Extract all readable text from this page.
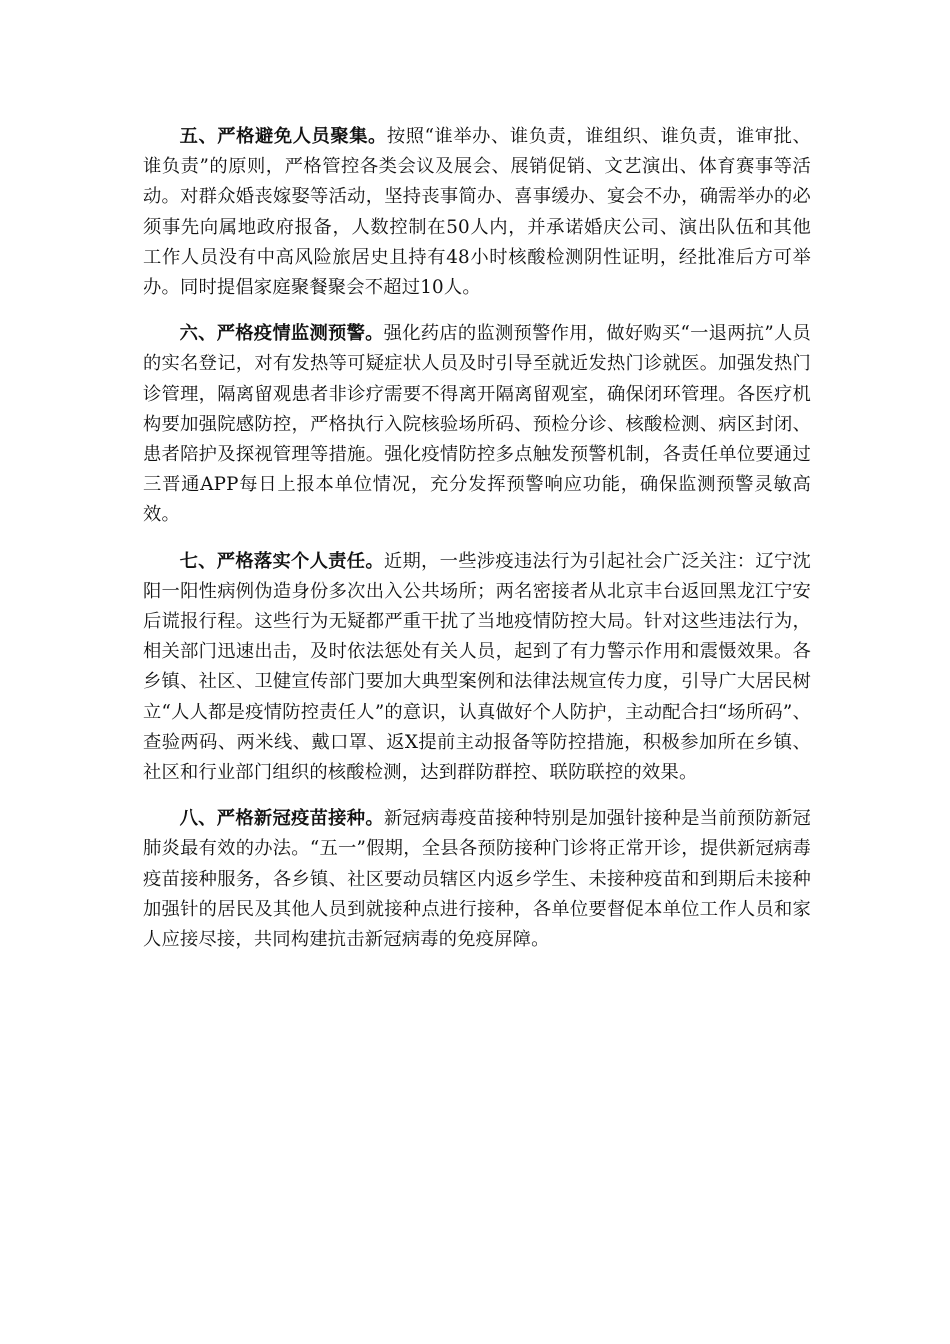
五、严格避免人员聚集。按照“谁举办、谁负责，谁组织、谁负责，谁审批、谁负责”的原则，严格管控各类会议及展会、展销促销、文艺演出、体育赛事等活动。对群众婚丧嫁娶等活动，坚持丧事简办、喜事缓办、宴会不办，确需举办的必须事先向属地政府报备，人数控制在50人内，并承诺婚庆公司、演出队伍和其他工作人员没有中高风险旅居史且持有48小时核酸检测阴性证明，经批准后方可举办。同时提倡家庭聚餐聚会不超过10人。

六、严格疫情监测预警。强化药店的监测预警作用，做好购买“一退两抗”人员的实名登记，对有发热等可疑症状人员及时引导至就近发热门诊就医。加强发热门诊管理，隔离留观患者非诊疗需要不得离开隔离留观室，确保闭环管理。各医疗机构要加强院感防控，严格执行入院核验场所码、预检分诊、核酸检测、病区封闭、患者陪护及探视管理等措施。强化疫情防控多点触发预警机制，各责任单位要通过三晋通APP每日上报本单位情况，充分发挥预警响应功能，确保监测预警灵敏高效。

七、严格落实个人责任。近期，一些涉疫违法行为引起社会广泛关注：辽宁沈阳一阳性病例伪造身份多次出入公共场所；两名密接者从北京丰台返回黑龙江宁安后谎报行程。这些行为无疑都严重干扰了当地疫情防控大局。针对这些违法行为，相关部门迅速出击，及时依法惩处有关人员，起到了有力警示作用和震慑效果。各乡镇、社区、卫健宣传部门要加大典型案例和法律法规宣传力度，引导广大居民树立“人人都是疫情防控责任人”的意识，认真做好个人防护，主动配合扫“场所码”、查验两码、两米线、戴口罩、返X提前主动报备等防控措施，积极参加所在乡镇、社区和行业部门组织的核酸检测，达到群防群控、联防联控的效果。

八、严格新冠疫苗接种。新冠病毒疫苗接种特别是加强针接种是当前预防新冠肺炎最有效的办法。“五一”假期，全县各预防接种门诊将正常开诊，提供新冠病毒疫苗接种服务，各乡镇、社区要动员辖区内返乡学生、未接种疫苗和到期后未接种加强针的居民及其他人员到就接种点进行接种，各单位要督促本单位工作人员和家人应接尽接，共同构建抗击新冠病毒的免疫屏障。
